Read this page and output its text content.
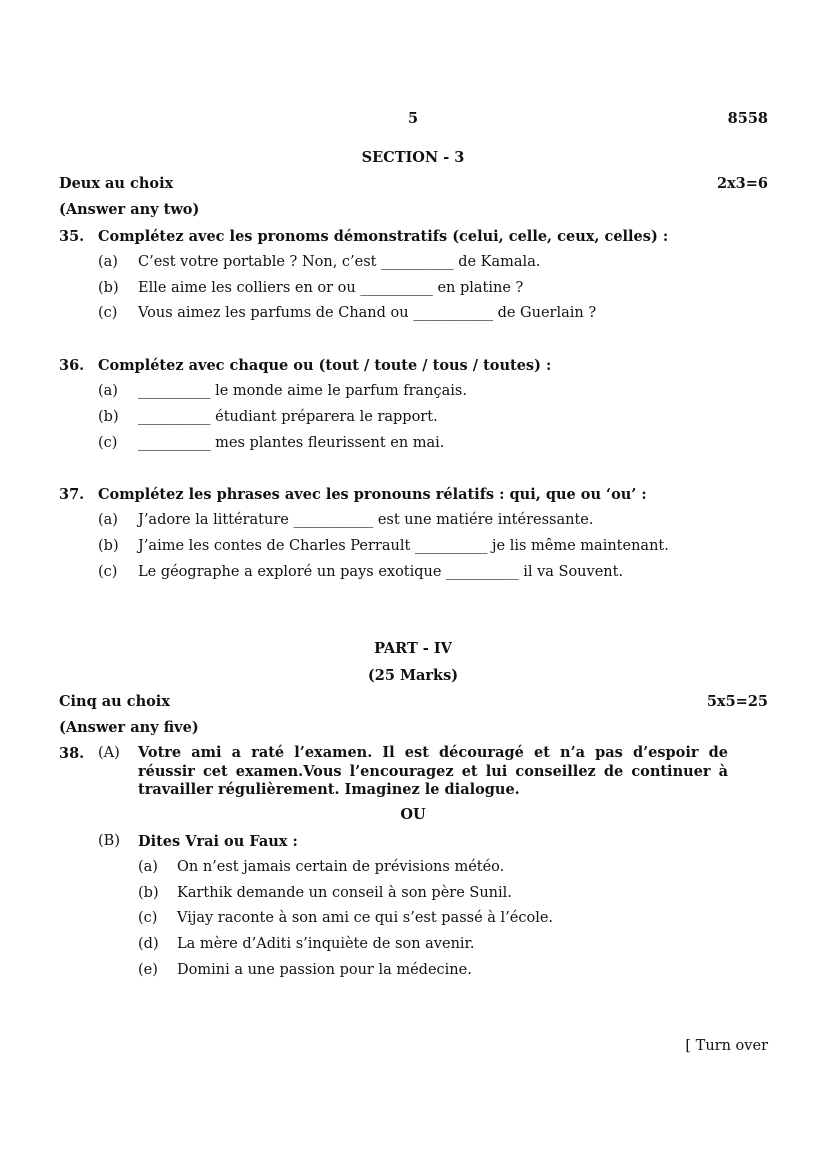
5	8558
SECTION - 3
Deux au choix	2x3=6
(Answer any two)
35. Complétez avec les pronoms démonstratifs (celui, celle, ceux, celles) :
(a) C’est votre portable ? Non, c’est __________ de Kamala.
(b) Elle aime les colliers en or ou __________ en platine ?
(c) Vous aimez les parfums de Chand ou ___________ de Guerlain ?
36. Complétez avec chaque ou (tout / toute / tous / toutes) :
(a) __________ le monde aime le parfum français.
(b) __________ étudiant préparera le rapport.
(c) __________ mes plantes fleurissent en mai.
37. Complétez les phrases avec les pronouns rélatifs : qui, que ou ‘ou’ :
(a) J’adore la littérature ___________ est une matiére intéressante.
(b) J’aime les contes de Charles Perrault __________ je lis même maintenant.
(c) Le géographe a exploré un pays exotique __________ il va Souvent.
PART - IV
(25 Marks)
Cinq au choix	5x5=25
(Answer any five)
38. (A) Votre ami a raté l’examen. Il est découragé et n’a pas d’espoir de réussir cet examen.Vous l’encouragez et lui conseillez de continuer à travailler régulièrement. Imaginez le dialogue.
OU
(B) Dites Vrai ou Faux :
(a) On n’est jamais certain de prévisions météo.
(b) Karthik demande un conseil à son père Sunil.
(c) Vijay raconte à son ami ce qui s’est passé à l’école.
(d) La mère d’Aditi s’inquiète de son avenir.
(e) Domini a une passion pour la médecine.
[ Turn over
